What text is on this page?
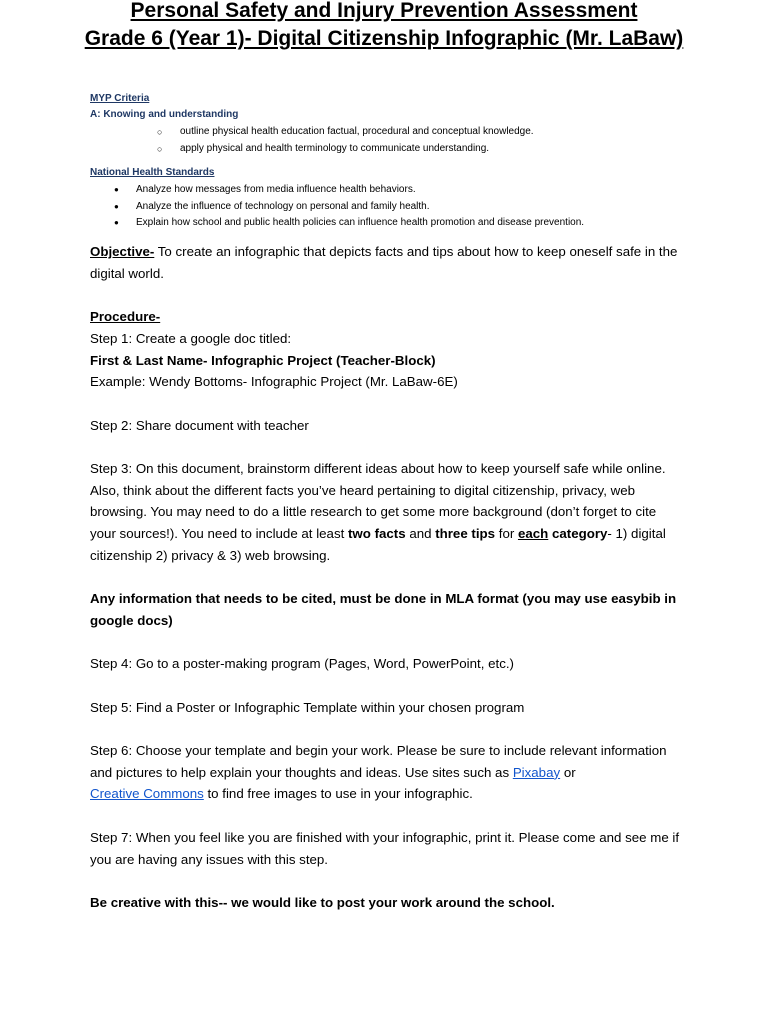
Personal Safety and Injury Prevention Assessment
Grade 6 (Year 1)- Digital Citizenship Infographic (Mr. LaBaw)
MYP Criteria
A: Knowing and understanding
○ outline physical health education factual, procedural and conceptual knowledge.
○ apply physical and health terminology to communicate understanding.
National Health Standards
● Analyze how messages from media influence health behaviors.
● Analyze the influence of technology on personal and family health.
● Explain how school and public health policies can influence health promotion and disease prevention.

Objective- To create an infographic that depicts facts and tips about how to keep oneself safe in the digital world.

Procedure-

Step 1: Create a google doc titled:

First & Last Name- Infographic Project (Teacher-Block)

Example: Wendy Bottoms- Infographic Project (Mr. LaBaw-6E)

Step 2: Share document with teacher

Step 3: On this document, brainstorm different ideas about how to keep yourself safe while online. Also, think about the different facts you’ve heard pertaining to digital citizenship, privacy, web browsing. You may need to do a little research to get some more background (don’t forget to cite your sources!). You need to include at least two facts and three tips for each category- 1) digital citizenship 2) privacy & 3) web browsing.

Any information that needs to be cited, must be done in MLA format (you may use easybib in google docs)

Step 4: Go to a poster-making program (Pages, Word, PowerPoint, etc.)

Step 5: Find a Poster or Infographic Template within your chosen program

Step 6: Choose your template and begin your work. Please be sure to include relevant information and pictures to help explain your thoughts and ideas. Use sites such as Pixabay or
Creative Commons to find free images to use in your infographic.

Step 7: When you feel like you are finished with your infographic, print it. Please come and see me if you are having any issues with this step.

Be creative with this-- we would like to post your work around the school.
